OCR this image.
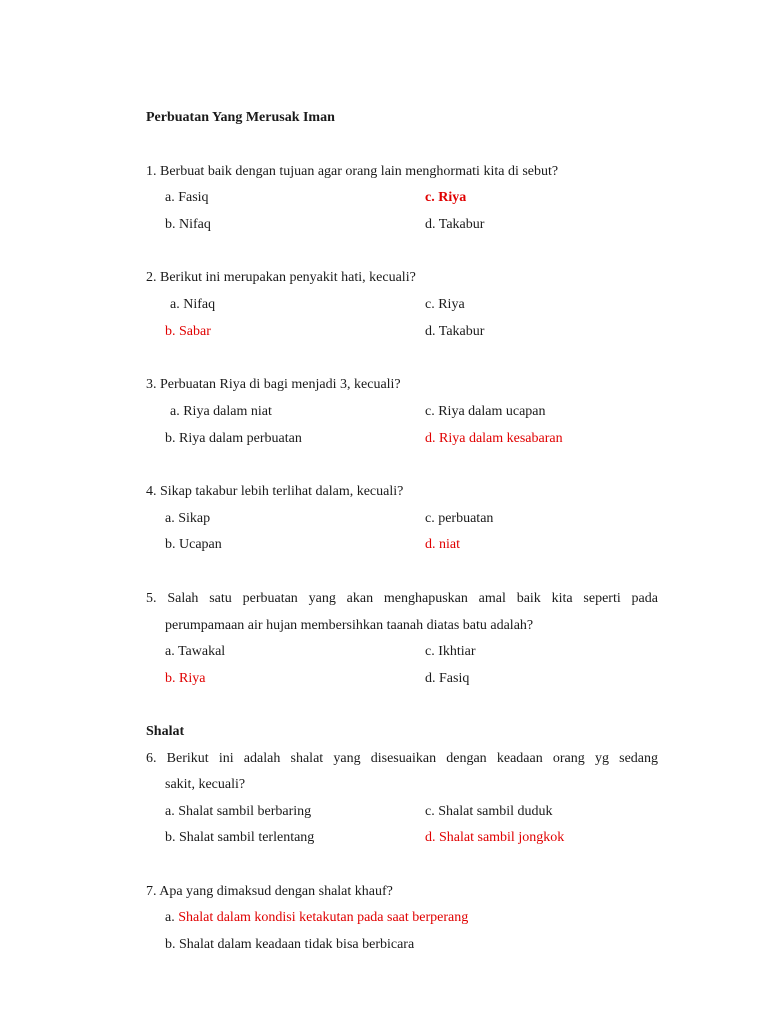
Perbuatan Yang Merusak Iman
1. Berbuat baik dengan tujuan agar orang lain menghormati kita di sebut?
a. Fasiq	c. Riya
b. Nifaq	d. Takabur
2. Berikut ini merupakan penyakit hati, kecuali?
a. Nifaq	c. Riya
b. Sabar	d. Takabur
3. Perbuatan Riya di bagi menjadi 3, kecuali?
a. Riya dalam niat	c. Riya dalam ucapan
b. Riya dalam perbuatan	d. Riya dalam kesabaran
4. Sikap takabur lebih terlihat dalam, kecuali?
a. Sikap	c. perbuatan
b. Ucapan	d. niat
5. Salah satu perbuatan yang akan menghapuskan amal baik kita seperti pada
perumpamaan air hujan membersihkan taanah diatas batu adalah?
a. Tawakal	c. Ikhtiar
b. Riya	d. Fasiq
Shalat
6. Berikut ini adalah shalat yang disesuaikan dengan keadaan orang yg sedang
sakit, kecuali?
a. Shalat sambil berbaring	c. Shalat sambil duduk
b. Shalat sambil terlentang	d. Shalat sambil jongkok
7. Apa yang dimaksud dengan shalat khauf?
a. Shalat dalam kondisi ketakutan pada saat berperang
b. Shalat dalam keadaan tidak bisa berbicara
